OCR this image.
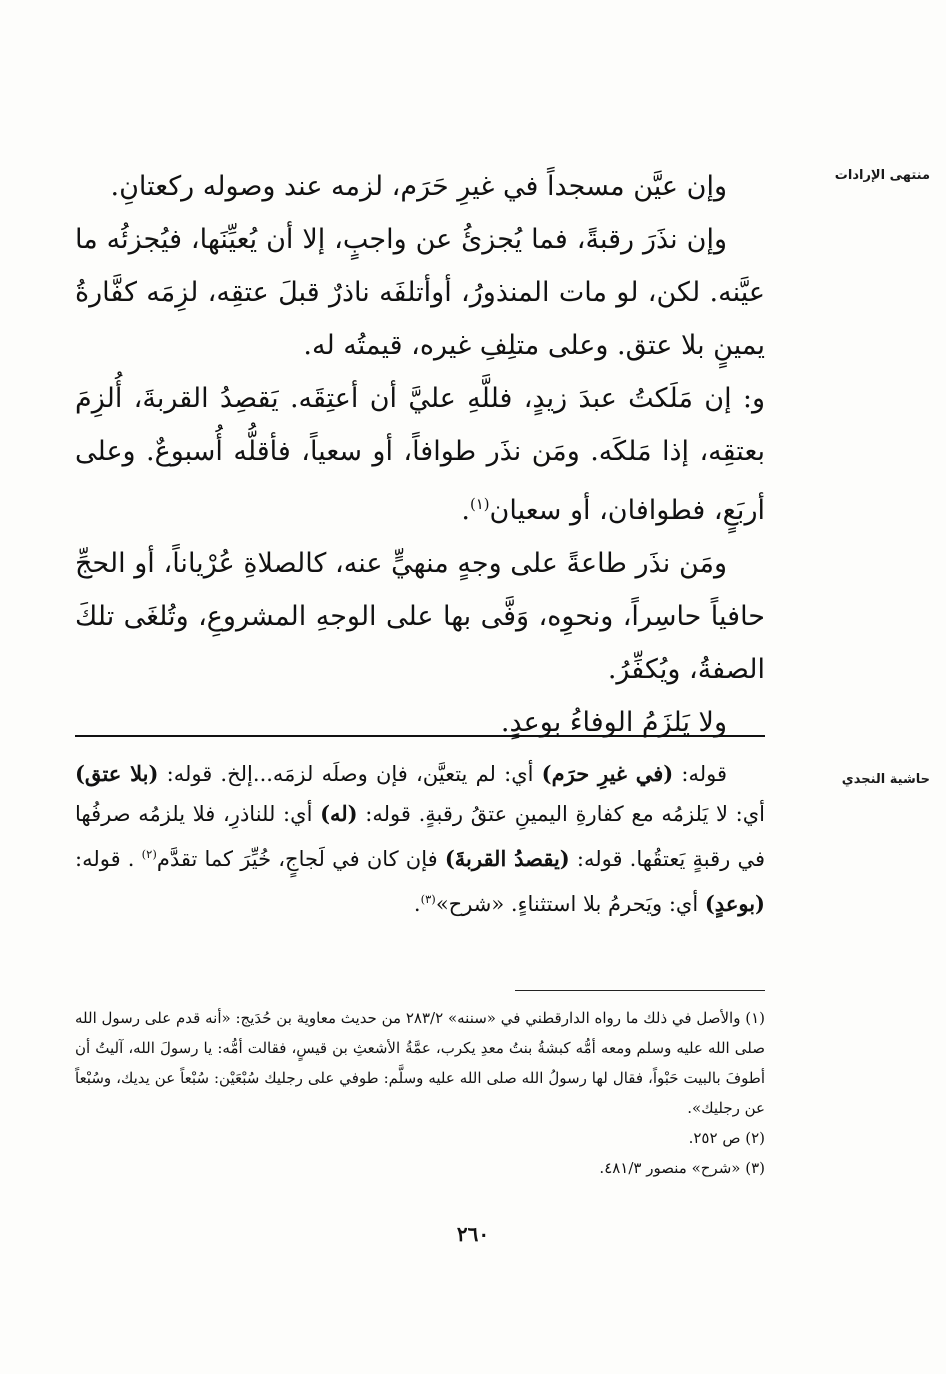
منتهى الإرادات
حاشية النجدي

وإن عيَّن مسجداً في غيرِ حَرَم، لزمه عند وصوله ركعتانِ.

وإن نذَرَ رقبةً، فما يُجزئُ عن واجبٍ، إلا أن يُعيِّنَها، فيُجزئُه ما عيَّنه. لكن، لو مات المنذورُ، أوأتلفَه ناذرٌ قبلَ عتقِه، لزِمَه كفَّارةُ يمينٍ بلا عتق. وعلى متلِفِ غيره، قيمتُه له.

و: إن مَلَكتُ عبدَ زيدٍ، فللَّهِ عليَّ أن أعتِقَه. يَقصِدُ القربةَ، أُلزِمَ بعتقِه، إذا مَلكَه. ومَن نذَر طوافاً، أو سعياً، فأقلُّه أُسبوعٌ. وعلى أربَعٍ، فطوافان، أو سعيان$^{(١)}$.

ومَن نذَر طاعةً على وجهٍ منهيٍّ عنه، كالصلاةِ عُرْياناً، أو الحجِّ حافياً حاسِراً، ونحوِه، وَفَّى بها على الوجهِ المشروعِ، وتُلغَى تلكَ الصفةُ، ويُكفِّرُ.

ولا يَلزَمُ الوفاءُ بوعدٍ.

قوله: (في غيرِ حرَم) أي: لم يتعيَّن، فإن وصلَه لزمَه...إلخ. قوله: (بلا عتق) أي: لا يَلزمُه مع كفارةِ اليمينِ عتقُ رقبةٍ. قوله: (له) أي: للناذرِ، فلا يلزمُه صرفُها في رقبةٍ يَعتقُها. قوله: (يقصدُ القربةَ) فإن كان في لَجاجٍ، خُيِّرَ كما تقدَّم$^{(٢)}$ . قوله: (بوعدٍ) أي: ويَحرمُ بلا استثناءٍ. «شرح»$^{(٣)}$.

(١) والأصل في ذلك ما رواه الدارقطني في «سننه» ٢٨٣/٢ من حديث معاوية بن حُدَيج: «أنه قدم على رسول الله صلى الله عليه وسلم ومعه أمُّه كبشةُ بنتُ معدِ يكرب، عمَّةُ الأشعثِ بن قيسٍ، فقالت أمُّه: يا رسولَ الله، آليتُ أن أطوفَ بالبيت حَبْواً، فقال لها رسولُ الله صلى الله عليه وسلَّم: طوفي على رجليك سُبْعَيْن: سُبْعاً عن يديك، وسُبْعاً عن رجليك».

(٢) ص ٢٥٢.

(٣) «شرح» منصور ٤٨١/٣.

٢٦٠
